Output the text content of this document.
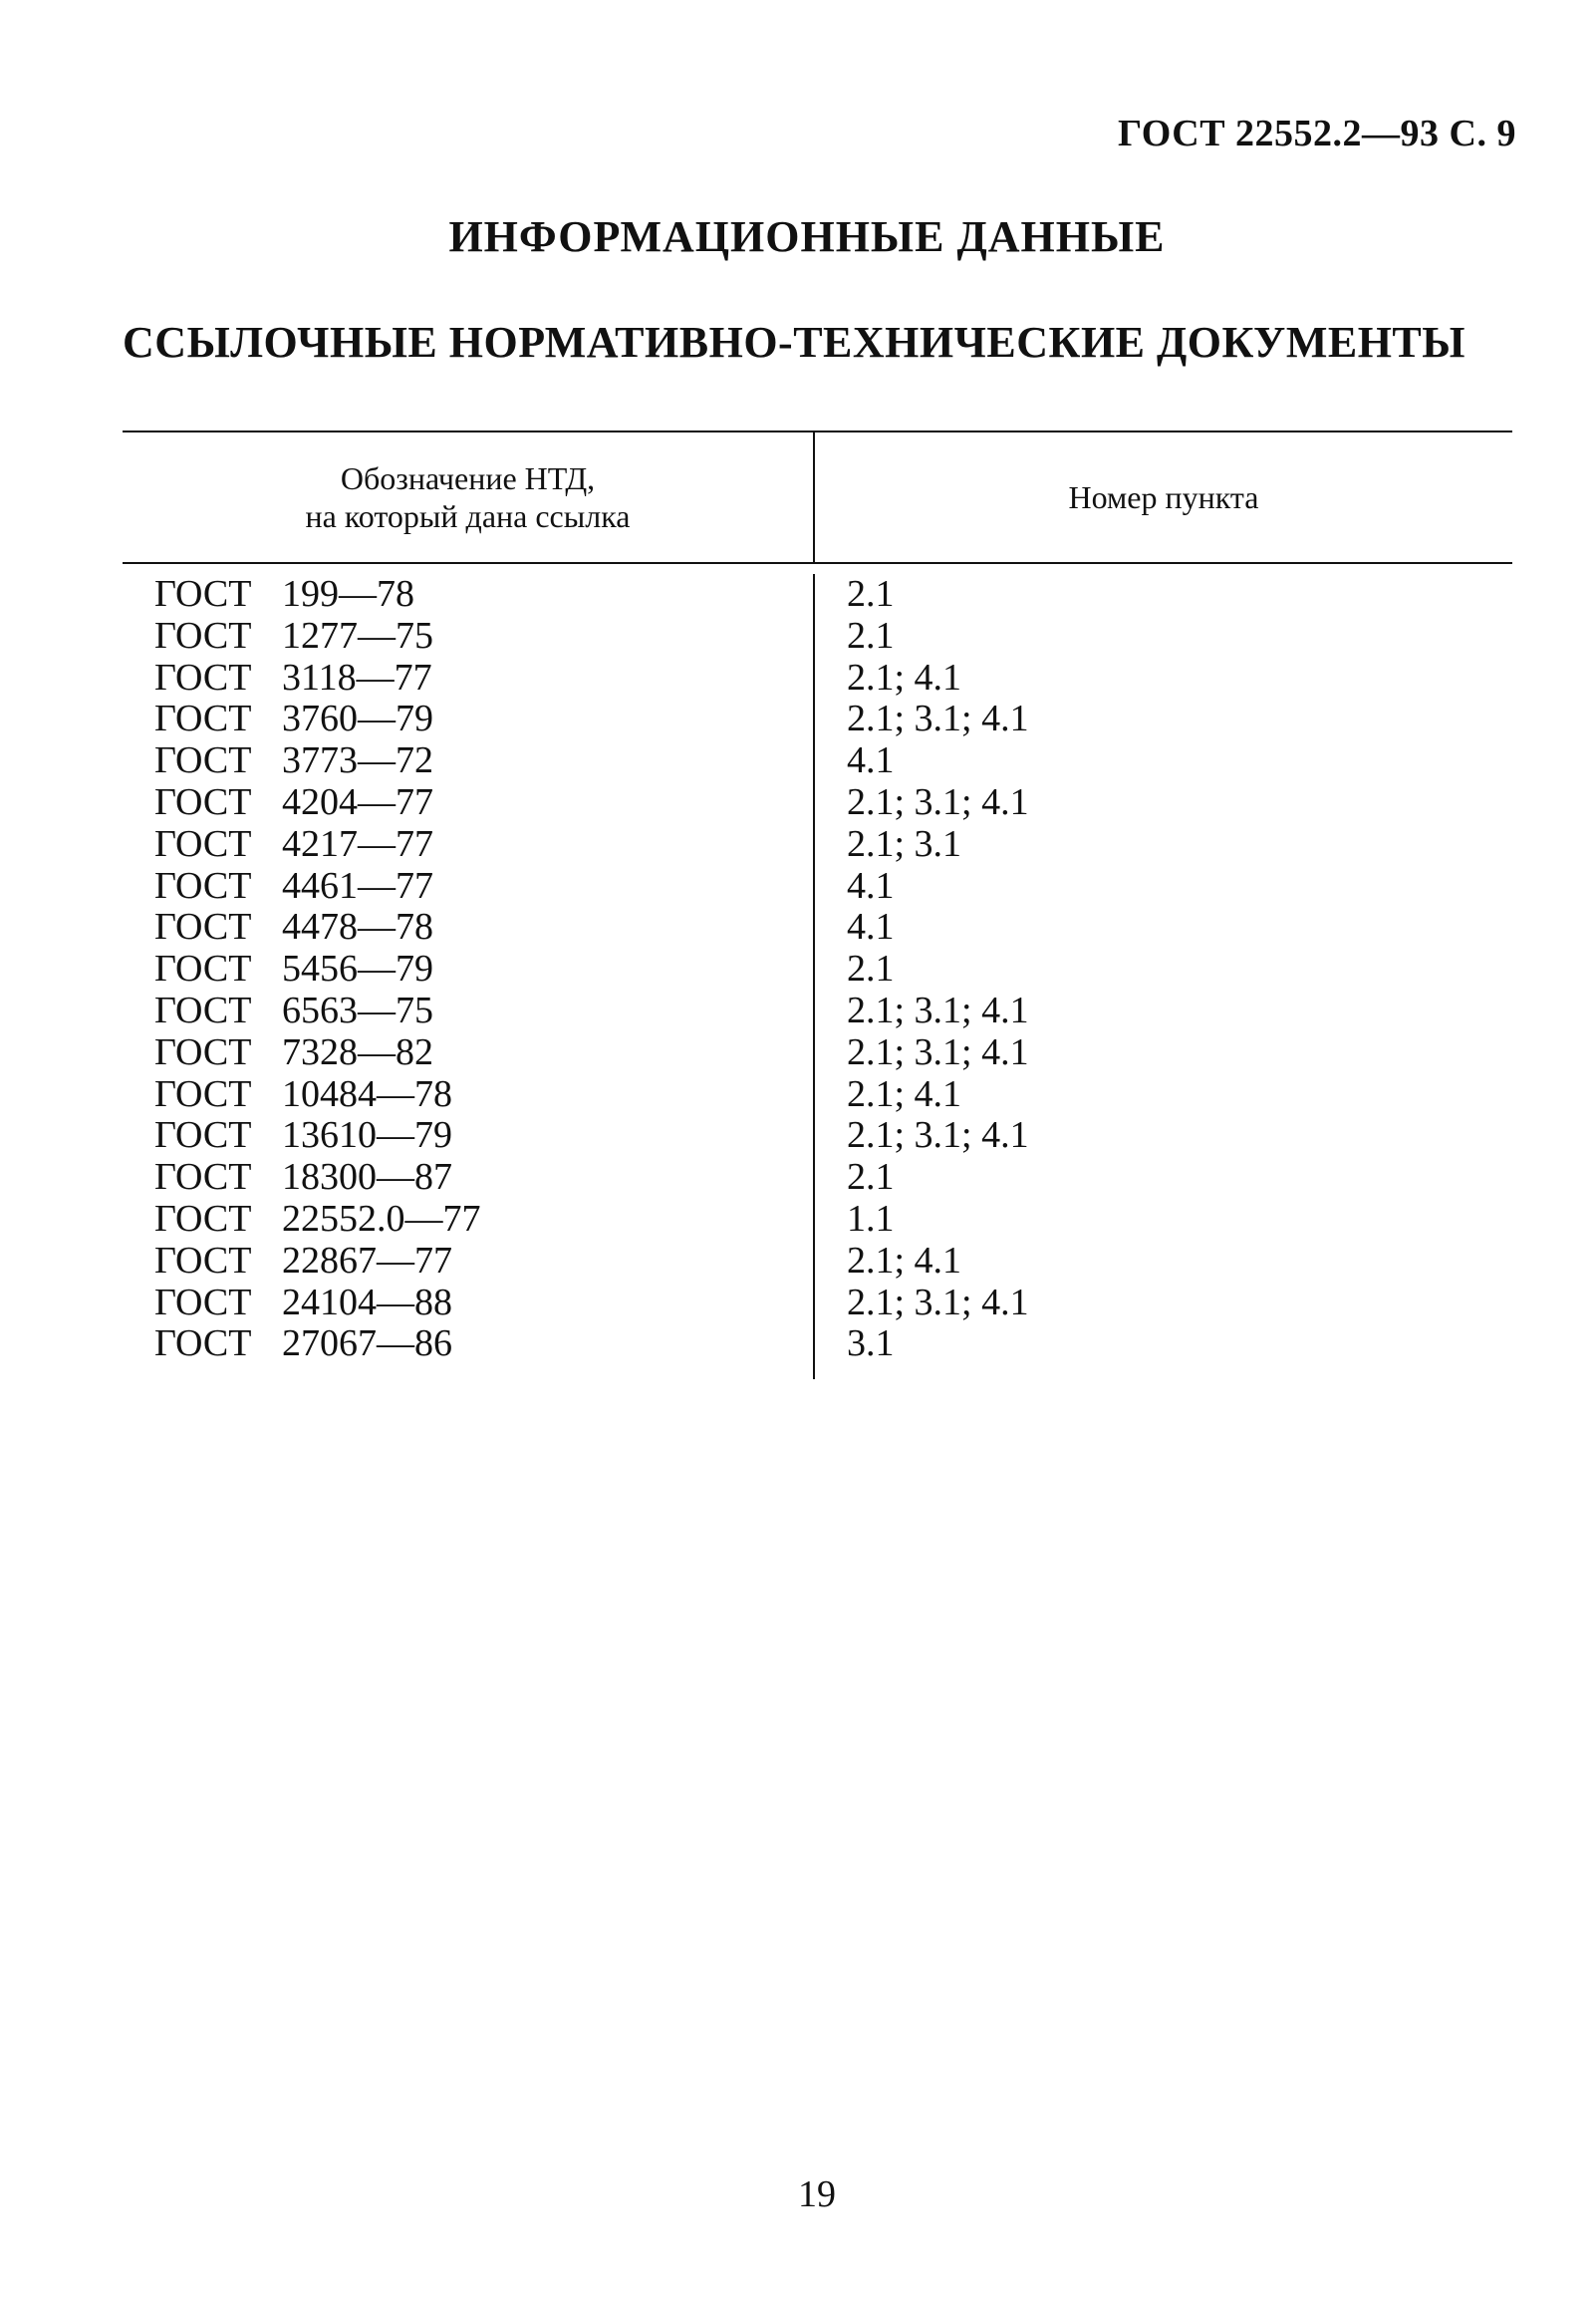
ГОСТ 22552.2—93 С. 9
ИНФОРМАЦИОННЫЕ ДАННЫЕ
ССЫЛОЧНЫЕ НОРМАТИВНО-ТЕХНИЧЕСКИЕ ДОКУМЕНТЫ
Обозначение НТД,
на который дана ссылка
Номер пункта
ГОСТ 199—78
ГОСТ 1277—75
ГОСТ 3118—77
ГОСТ 3760—79
ГОСТ 3773—72
ГОСТ 4204—77
ГОСТ 4217—77
ГОСТ 4461—77
ГОСТ 4478—78
ГОСТ 5456—79
ГОСТ 6563—75
ГОСТ 7328—82
ГОСТ 10484—78
ГОСТ 13610—79
ГОСТ 18300—87
ГОСТ 22552.0—77
ГОСТ 22867—77
ГОСТ 24104—88
ГОСТ 27067—86
2.1
2.1
2.1; 4.1
2.1; 3.1; 4.1
4.1
2.1; 3.1; 4.1
2.1; 3.1
4.1
4.1
2.1
2.1; 3.1; 4.1
2.1; 3.1; 4.1
2.1; 4.1
2.1; 3.1; 4.1
2.1
1.1
2.1; 4.1
2.1; 3.1; 4.1
3.1
19
